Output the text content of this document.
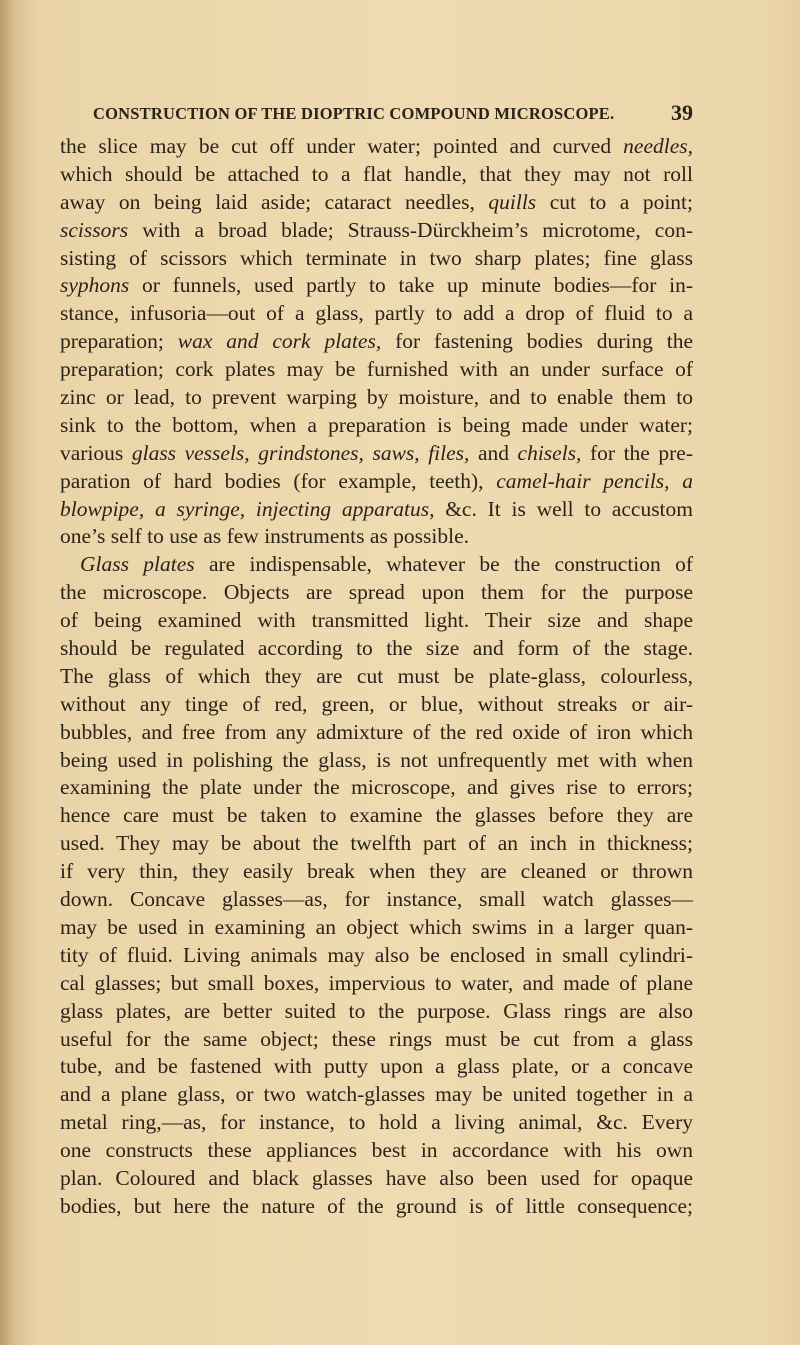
CONSTRUCTION OF THE DIOPTRIC COMPOUND MICROSCOPE.	39
the slice may be cut off under water; pointed and curved needles,
which should be attached to a flat handle, that they may not roll
away on being laid aside; cataract needles, quills cut to a point;
scissors with a broad blade; Strauss-Dürckheim’s microtome, con-
sisting of scissors which terminate in two sharp plates; fine glass
syphons or funnels, used partly to take up minute bodies—for in-
stance, infusoria—out of a glass, partly to add a drop of fluid to a
preparation; wax and cork plates, for fastening bodies during the
preparation; cork plates may be furnished with an under surface of
zinc or lead, to prevent warping by moisture, and to enable them to
sink to the bottom, when a preparation is being made under water;
various glass vessels, grindstones, saws, files, and chisels, for the pre-
paration of hard bodies (for example, teeth), camel-hair pencils, a
blowpipe, a syringe, injecting apparatus, &c. It is well to accustom
one’s self to use as few instruments as possible.
Glass plates are indispensable, whatever be the construction of
the microscope. Objects are spread upon them for the purpose
of being examined with transmitted light. Their size and shape
should be regulated according to the size and form of the stage.
The glass of which they are cut must be plate-glass, colourless,
without any tinge of red, green, or blue, without streaks or air-
bubbles, and free from any admixture of the red oxide of iron which
being used in polishing the glass, is not unfrequently met with when
examining the plate under the microscope, and gives rise to errors;
hence care must be taken to examine the glasses before they are
used. They may be about the twelfth part of an inch in thickness;
if very thin, they easily break when they are cleaned or thrown
down. Concave glasses—as, for instance, small watch glasses—
may be used in examining an object which swims in a larger quan-
tity of fluid. Living animals may also be enclosed in small cylindri-
cal glasses; but small boxes, impervious to water, and made of plane
glass plates, are better suited to the purpose. Glass rings are also
useful for the same object; these rings must be cut from a glass
tube, and be fastened with putty upon a glass plate, or a concave
and a plane glass, or two watch-glasses may be united together in a
metal ring,—as, for instance, to hold a living animal, &c. Every
one constructs these appliances best in accordance with his own
plan. Coloured and black glasses have also been used for opaque
bodies, but here the nature of the ground is of little consequence;
